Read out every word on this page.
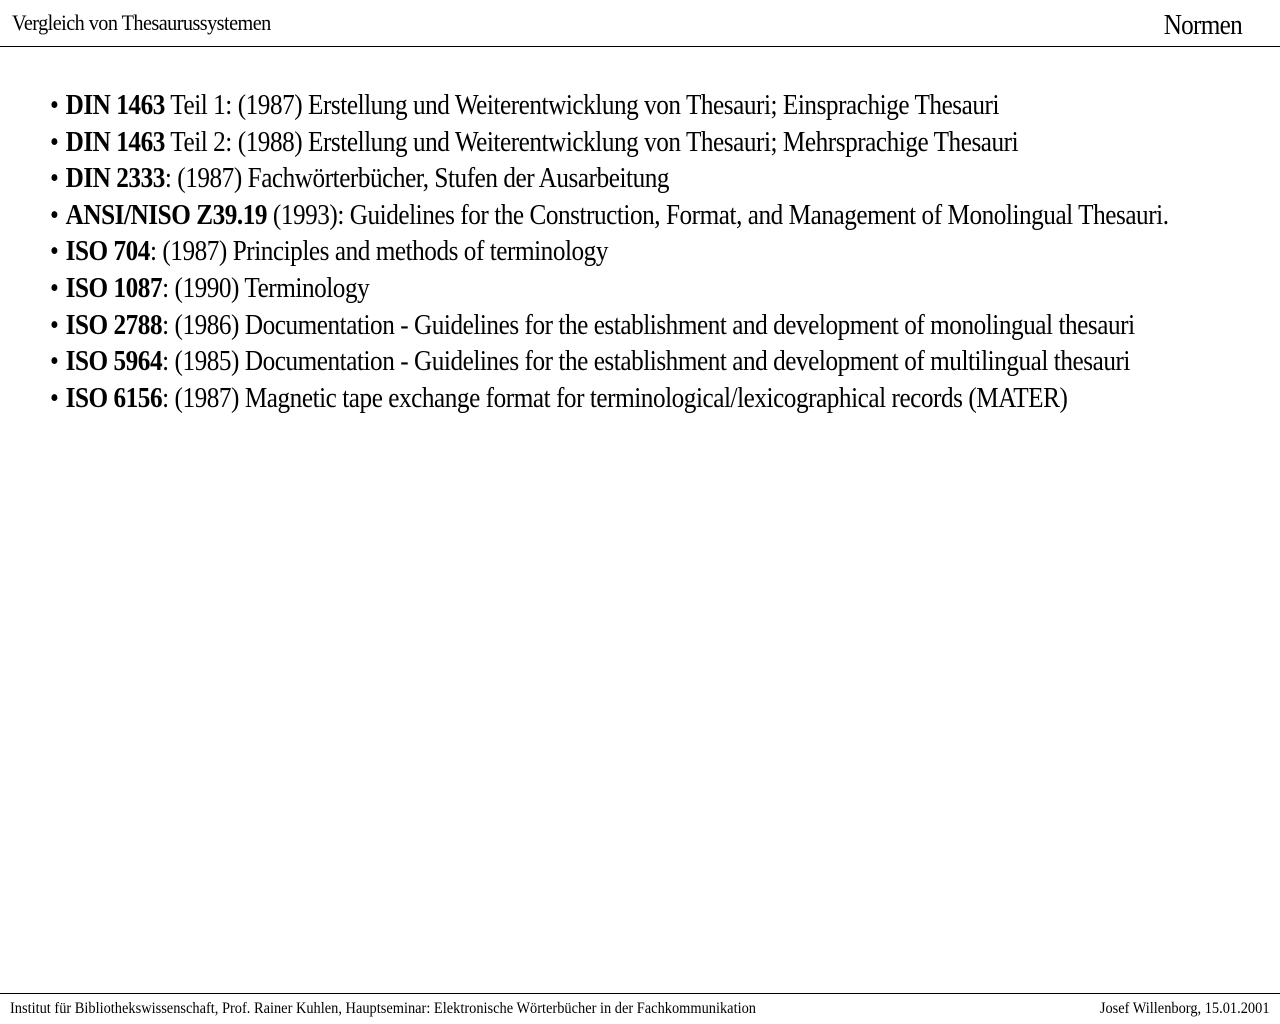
Vergleich von Thesaurussystemen	Normen
• DIN 1463 Teil 1: (1987) Erstellung und Weiterentwicklung von Thesauri; Einsprachige Thesauri
• DIN 1463 Teil 2: (1988) Erstellung und Weiterentwicklung von Thesauri; Mehrsprachige Thesauri
• DIN 2333: (1987) Fachwörterbücher, Stufen der Ausarbeitung
• ANSI/NISO Z39.19 (1993): Guidelines for the Construction, Format, and Management of Monolingual Thesauri.
• ISO 704: (1987) Principles and methods of terminology
• ISO 1087: (1990) Terminology
• ISO 2788: (1986) Documentation - Guidelines for the establishment and development of monolingual thesauri
• ISO 5964: (1985) Documentation - Guidelines for the establishment and development of multilingual thesauri
• ISO 6156: (1987) Magnetic tape exchange format for terminological/lexicographical records (MATER)
Institut für Bibliothekswissenschaft, Prof. Rainer Kuhlen, Hauptseminar: Elektronische Wörterbücher in der Fachkommunikation	Josef Willenborg, 15.01.2001
